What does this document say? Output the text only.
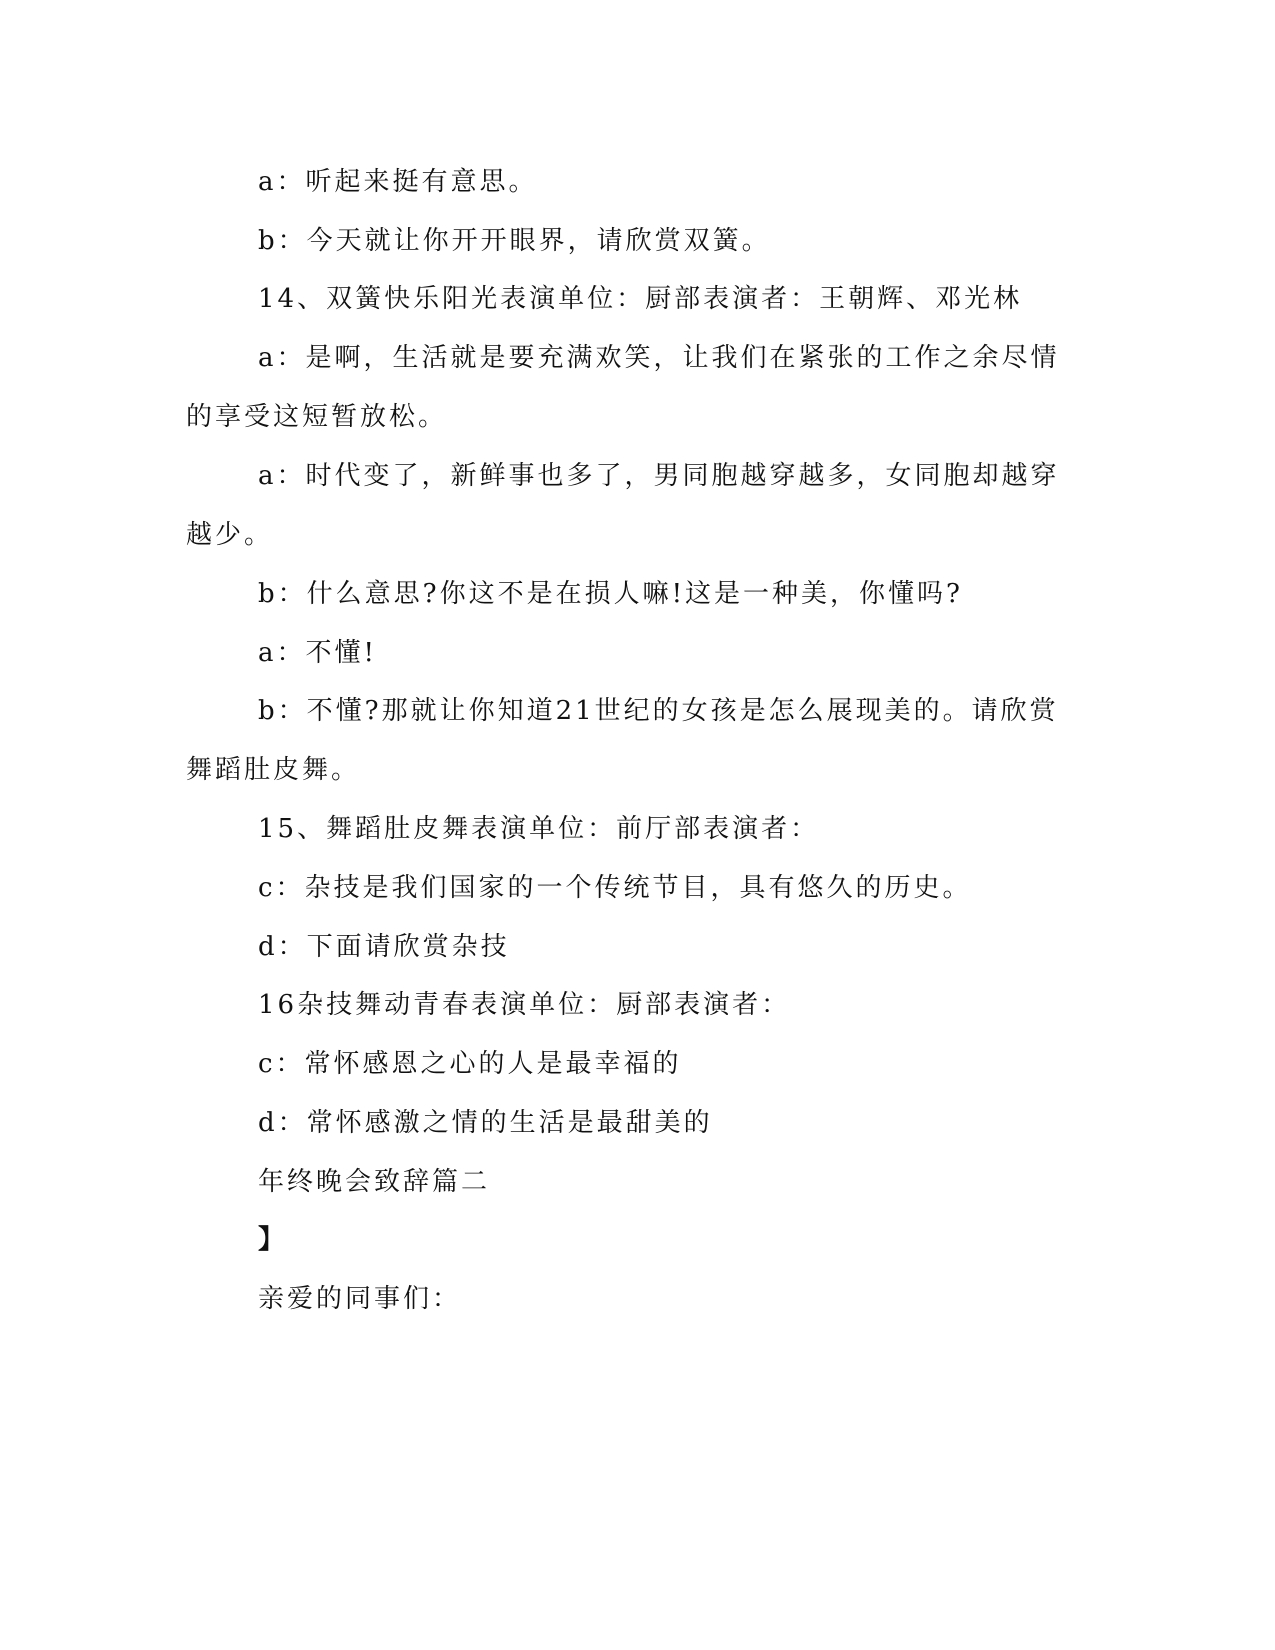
a：听起来挺有意思。
b：今天就让你开开眼界，请欣赏双簧。
14、双簧快乐阳光表演单位：厨部表演者：王朝辉、邓光林
a：是啊，生活就是要充满欢笑，让我们在紧张的工作之余尽情
的享受这短暂放松。
a：时代变了，新鲜事也多了，男同胞越穿越多，女同胞却越穿
越少。
b：什么意思?你这不是在损人嘛!这是一种美，你懂吗?
a：不懂!
b：不懂?那就让你知道21世纪的女孩是怎么展现美的。请欣赏
舞蹈肚皮舞。
15、舞蹈肚皮舞表演单位：前厅部表演者：
c：杂技是我们国家的一个传统节目，具有悠久的历史。
d：下面请欣赏杂技
16杂技舞动青春表演单位：厨部表演者：
c：常怀感恩之心的人是最幸福的
d：常怀感激之情的生活是最甜美的
年终晚会致辞篇二
】
亲爱的同事们：
